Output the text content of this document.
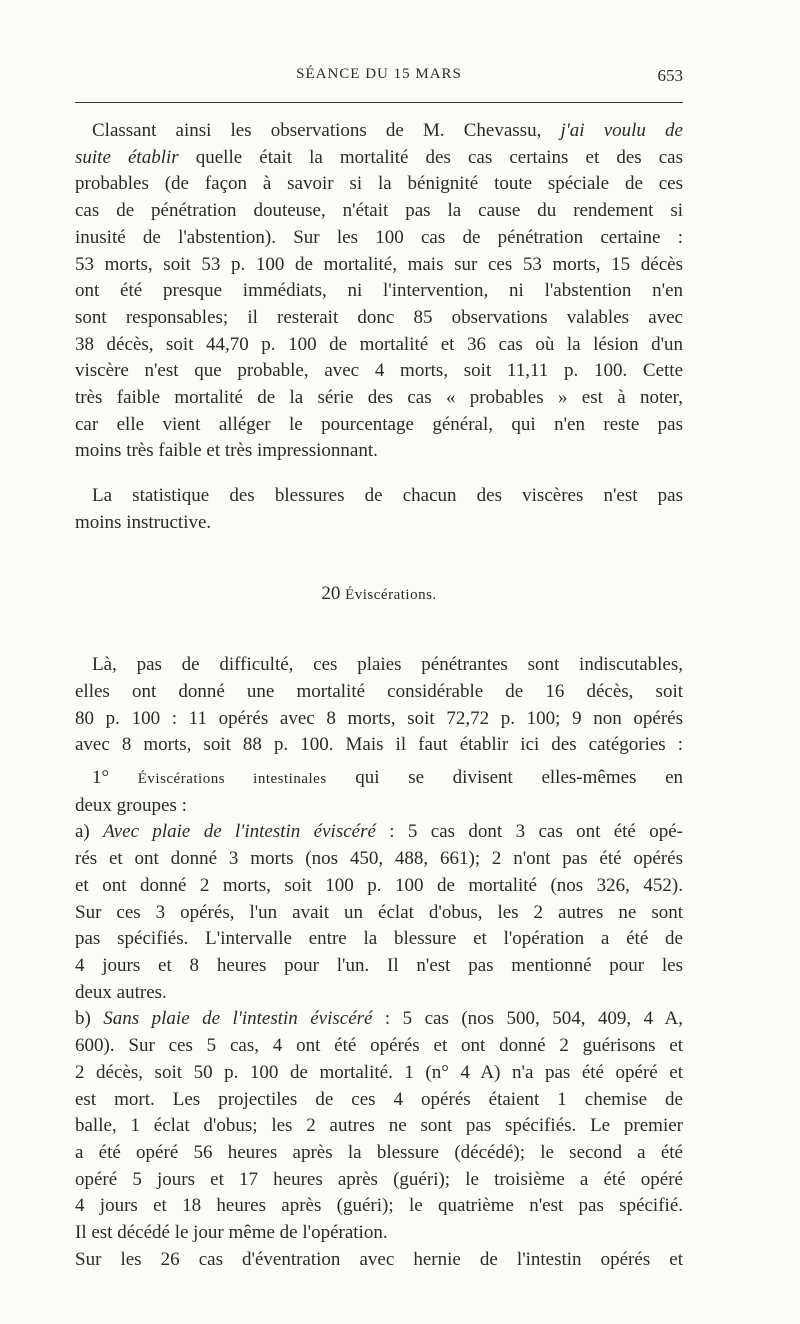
SÉANCE DU 15 MARS	653
Classant ainsi les observations de M. Chevassu, j'ai voulu de
suite établir quelle était la mortalité des cas certains et des cas
probables (de façon à savoir si la bénignité toute spéciale de ces
cas de pénétration douteuse, n'était pas la cause du rendement si
inusité de l'abstention). Sur les 100 cas de pénétration certaine :
53 morts, soit 53 p. 100 de mortalité, mais sur ces 53 morts, 15 décès
ont été presque immédiats, ni l'intervention, ni l'abstention n'en
sont responsables; il resterait donc 85 observations valables avec
38 décès, soit 44,70 p. 100 de mortalité et 36 cas où la lésion d'un
viscère n'est que probable, avec 4 morts, soit 11,11 p. 100. Cette
très faible mortalité de la série des cas « probables » est à noter,
car elle vient alléger le pourcentage général, qui n'en reste pas
moins très faible et très impressionnant.
La statistique des blessures de chacun des viscères n'est pas
moins instructive.
20 Éviscérations.
Là, pas de difficulté, ces plaies pénétrantes sont indiscutables,
elles ont donné une mortalité considérable de 16 décès, soit
80 p. 100 : 11 opérés avec 8 morts, soit 72,72 p. 100; 9 non opérés
avec 8 morts, soit 88 p. 100. Mais il faut établir ici des catégories :
1° Éviscérations intestinales qui se divisent elles-mêmes en
deux groupes :
a) Avec plaie de l'intestin éviscéré : 5 cas dont 3 cas ont été opé-
rés et ont donné 3 morts (nos 450, 488, 661); 2 n'ont pas été opérés
et ont donné 2 morts, soit 100 p. 100 de mortalité (nos 326, 452).
Sur ces 3 opérés, l'un avait un éclat d'obus, les 2 autres ne sont
pas spécifiés. L'intervalle entre la blessure et l'opération a été de
4 jours et 8 heures pour l'un. Il n'est pas mentionné pour les
deux autres.
b) Sans plaie de l'intestin éviscéré : 5 cas (nos 500, 504, 409, 4 A,
600). Sur ces 5 cas, 4 ont été opérés et ont donné 2 guérisons et
2 décès, soit 50 p. 100 de mortalité. 1 (n° 4 A) n'a pas été opéré et
est mort. Les projectiles de ces 4 opérés étaient 1 chemise de
balle, 1 éclat d'obus; les 2 autres ne sont pas spécifiés. Le premier
a été opéré 56 heures après la blessure (décédé); le second a été
opéré 5 jours et 17 heures après (guéri); le troisième a été opéré
4 jours et 18 heures après (guéri); le quatrième n'est pas spécifié.
Il est décédé le jour même de l'opération.
Sur les 26 cas d'éventration avec hernie de l'intestin opérés et
